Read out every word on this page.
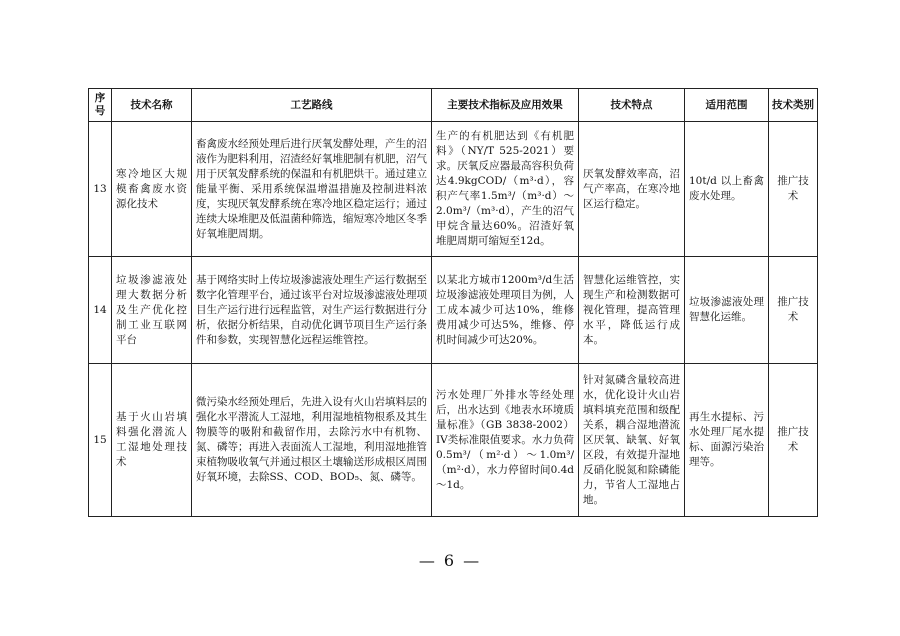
序号	技术名称	工艺路线	主要技术指标及应用效果	技术特点	适用范围	技术类别
13	寒冷地区大规模畜禽废水资源化技术	畜禽废水经预处理后进行厌氧发酵处理，产生的沼液作为肥料利用，沼渣经好氧堆肥制有机肥，沼气用于厌氧发酵系统的保温和有机肥烘干。通过建立能量平衡、采用系统保温增温措施及控制进料浓度，实现厌氧发酵系统在寒冷地区稳定运行；通过连续大垛堆肥及低温菌种筛选，缩短寒冷地区冬季好氧堆肥周期。	生产的有机肥达到《有机肥料》（NY/T 525-2021）要求。厌氧反应器最高容积负荷达4.9kgCOD/（m³·d），容积产气率1.5m³/（m³·d）～2.0m³/（m³·d），产生的沼气甲烷含量达60%。沼渣好氧堆肥周期可缩短至12d。	厌氧发酵效率高，沼气产率高，在寒冷地区运行稳定。	10t/d 以上畜禽废水处理。	推广技术
14	垃圾渗滤液处理大数据分析及生产优化控制工业互联网平台	基于网络实时上传垃圾渗滤液处理生产运行数据至数字化管理平台，通过该平台对垃圾渗滤液处理项目生产运行进行远程监管，对生产运行数据进行分析，依据分析结果，自动优化调节项目生产运行条件和参数，实现智慧化远程运维管控。	以某北方城市1200m³/d生活垃圾渗滤液处理项目为例，人工成本减少可达10%，维修费用减少可达5%，维修、停机时间减少可达20%。	智慧化运维管控，实现生产和检测数据可视化管理，提高管理水平，降低运行成本。	垃圾渗滤液处理智慧化运维。	推广技术
15	基于火山岩填料强化潜流人工湿地处理技术	微污染水经预处理后，先进入设有火山岩填料层的强化水平潜流人工湿地，利用湿地植物根系及其生物膜等的吸附和截留作用，去除污水中有机物、氮、磷等；再进入表面流人工湿地，利用湿地推管束植物吸收氧气并通过根区土壤输送形成根区周围好氧环境，去除SS、COD、BOD₅、氮、磷等。	污水处理厂外排水等经处理后，出水达到《地表水环境质量标准》（GB 3838-2002）IV类标准限值要求。水力负荷0.5m³/（m²·d）～1.0m³/（m²·d），水力停留时间0.4d～1d。	针对氮磷含量较高进水，优化设计火山岩填料填充范围和级配关系，耦合湿地潜流区厌氧、缺氧、好氧区段，有效提升湿地反硝化脱氮和除磷能力，节省人工湿地占地。	再生水提标、污水处理厂尾水提标、面源污染治理等。	推广技术
— 6 —
